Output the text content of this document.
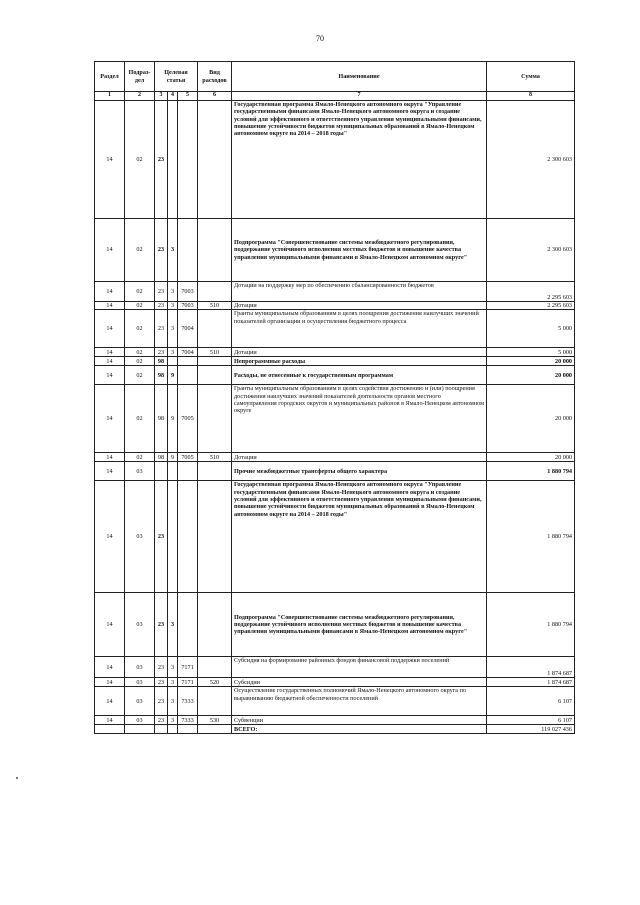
70
Раздел	Подраз-дел	Целевая статья			Вид расходов	Наименование	Сумма
1	2	3	4	5	6	7	8
14	02	23				Государственная программа Ямало-Ненецкого автономного округа "Управление государственными финансами Ямало-Ненецкого автономного округа и создание условий для эффективного и ответственного управления муниципальными финансами, повышение устойчивости бюджетов муниципальных образований в Ямало-Ненецком автономном округе на 2014 – 2018 годы"	2 300 603
14	02	23	3			Подпрограмма "Совершенствование системы межбюджетного регулирования, поддержание устойчивого исполнения местных бюджетов и повышение качества управления муниципальными финансами в Ямало-Ненецком автономном округе"	2 300 603
14	02	23	3	7003		Дотации на поддержку мер по обеспечению сбалансированности бюджетов	2 295 603
14	02	23	3	7003	510	Дотации	2 295 603
14	02	23	3	7004		Гранты муниципальным образованиям в целях поощрения достижения наилучших значений показателей организации и осуществления бюджетного процесса	5 000
14	02	23	3	7004	510	Дотации	5 000
14	02	98				Непрограммные расходы	20 000
14	02	98	9			Расходы, не отнесенные к государственным программам	20 000
14	02	98	9	7005		Гранты муниципальным образованиям в целях содействия достижению и (или) поощрения достижения наилучших значений показателей деятельности органов местного самоуправления городских округов и муниципальных районов в Ямало-Ненецком автономном округе	20 000
14	02	98	9	7005	510	Дотации	20 000
14	03					Прочие межбюджетные трансферты общего характера	1 880 794
14	03	23				Государственная программа Ямало-Ненецкого автономного округа "Управление государственными финансами Ямало-Ненецкого автономного округа и создание условий для эффективного и ответственного управления муниципальными финансами, повышение устойчивости бюджетов муниципальных образований в Ямало-Ненецком автономном округе на 2014 – 2018 годы"	1 880 794
14	03	23	3			Подпрограмма "Совершенствование системы межбюджетного регулирования, поддержание устойчивого исполнения местных бюджетов и повышение качества управления муниципальными финансами в Ямало-Ненецком автономном округе"	1 880 794
14	03	23	3	7171		Субсидия на формирование районных фондов финансовой поддержки поселений	1 874 687
14	03	23	3	7171	520	Субсидии	1 874 687
14	03	23	3	7333		Осуществление государственных полномочий Ямало-Ненецкого автономного округа по выравниванию бюджетной обеспеченности поселений	6 107
14	03	23	3	7333	530	Субвенции	6 107
						ВСЕГО:	119 027 436
